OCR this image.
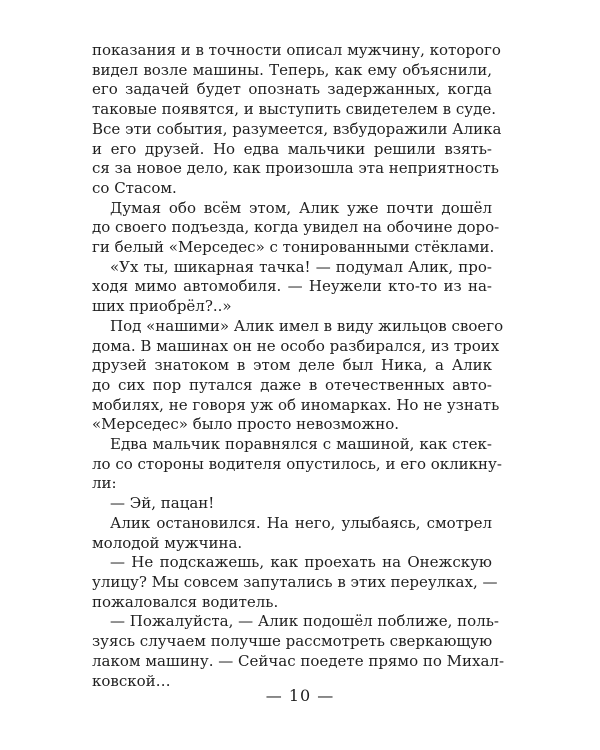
показания и в точности описал мужчину, которого
видел возле машины. Теперь, как ему объяснили,
его задачей будет опознать задержанных, когда
таковые появятся, и выступить свидетелем в суде.
Все эти события, разумеется, взбудоражили Алика
и его друзей. Но едва мальчики решили взять-
ся за новое дело, как произошла эта неприятность
со Стасом.
Думая обо всём этом, Алик уже почти дошёл
до своего подъезда, когда увидел на обочине доро-
ги белый «Мерседес» с тонированными стёклами.
«Ух ты, шикарная тачка! — подумал Алик, про-
ходя мимо автомобиля. — Неужели кто-то из на-
ших приобрёл?..»
Под «нашими» Алик имел в виду жильцов своего
дома. В машинах он не особо разбирался, из троих
друзей знатоком в этом деле был Ника, а Алик
до сих пор путался даже в отечественных авто-
мобилях, не говоря уж об иномарках. Но не узнать
«Мерседес» было просто невозможно.
Едва мальчик поравнялся с машиной, как стек-
ло со стороны водителя опустилось, и его окликну-
ли:
— Эй, пацан!
Алик остановился. На него, улыбаясь, смотрел
молодой мужчина.
— Не подскажешь, как проехать на Онежскую
улицу? Мы совсем запутались в этих переулках, —
пожаловался водитель.
— Пожалуйста, — Алик подошёл поближе, поль-
зуясь случаем получше рассмотреть сверкающую
лаком машину. — Сейчас поедете прямо по Михал-
ковской…
— 10 —
